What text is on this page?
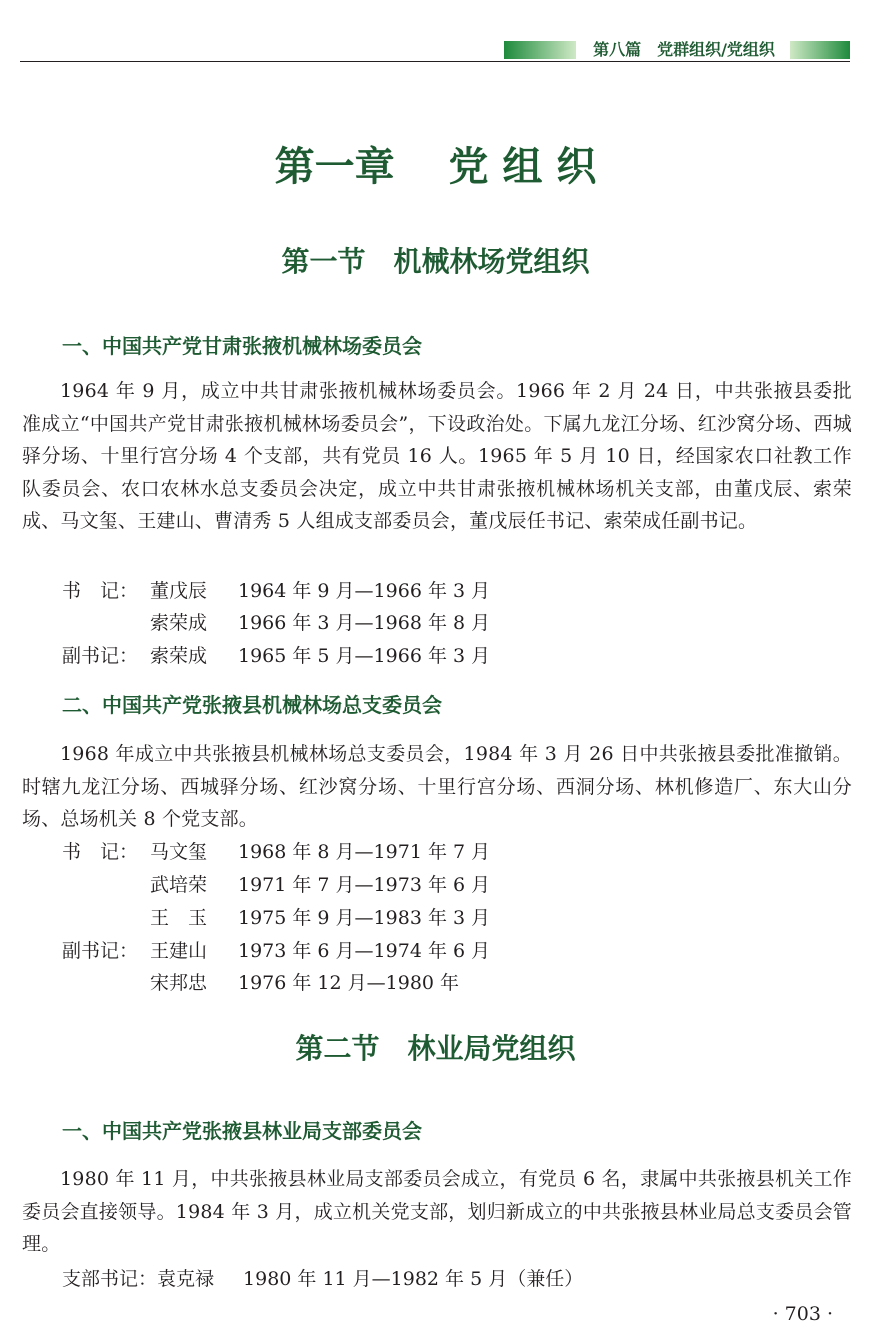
第八篇　党群组织/党组织
第一章　 党 组 织
第一节　机械林场党组织
一、中国共产党甘肃张掖机械林场委员会

1964 年 9 月，成立中共甘肃张掖机械林场委员会。1966 年 2 月 24 日，中共张掖县委批准成立“中国共产党甘肃张掖机械林场委员会”，下设政治处。下属九龙江分场、红沙窝分场、西城驿分场、十里行宫分场 4 个支部，共有党员 16 人。1965 年 5 月 10 日，经国家农口社教工作队委员会、农口农林水总支委员会决定，成立中共甘肃张掖机械林场机关支部，由董戊辰、索荣成、马文玺、王建山、曹清秀 5 人组成支部委员会，董戊辰任书记、索荣成任副书记。

书　记： 董戊辰 1964 年 9 月—1966 年 3 月
索荣成 1966 年 3 月—1968 年 8 月
副书记： 索荣成 1965 年 5 月—1966 年 3 月
二、中国共产党张掖县机械林场总支委员会

1968 年成立中共张掖县机械林场总支委员会，1984 年 3 月 26 日中共张掖县委批准撤销。时辖九龙江分场、西城驿分场、红沙窝分场、十里行宫分场、西洞分场、林机修造厂、东大山分场、总场机关 8 个党支部。

书　记： 马文玺 1968 年 8 月—1971 年 7 月
武培荣 1971 年 7 月—1973 年 6 月
王　玉 1975 年 9 月—1983 年 3 月
副书记： 王建山 1973 年 6 月—1974 年 6 月
宋邦忠 1976 年 12 月—1980 年
第二节　林业局党组织
一、中国共产党张掖县林业局支部委员会

1980 年 11 月，中共张掖县林业局支部委员会成立，有党员 6 名，隶属中共张掖县机关工作委员会直接领导。1984 年 3 月，成立机关党支部，划归新成立的中共张掖县林业局总支委员会管理。

支部书记：袁克禄 1980 年 11 月—1982 年 5 月（兼任）
· 703 ·
